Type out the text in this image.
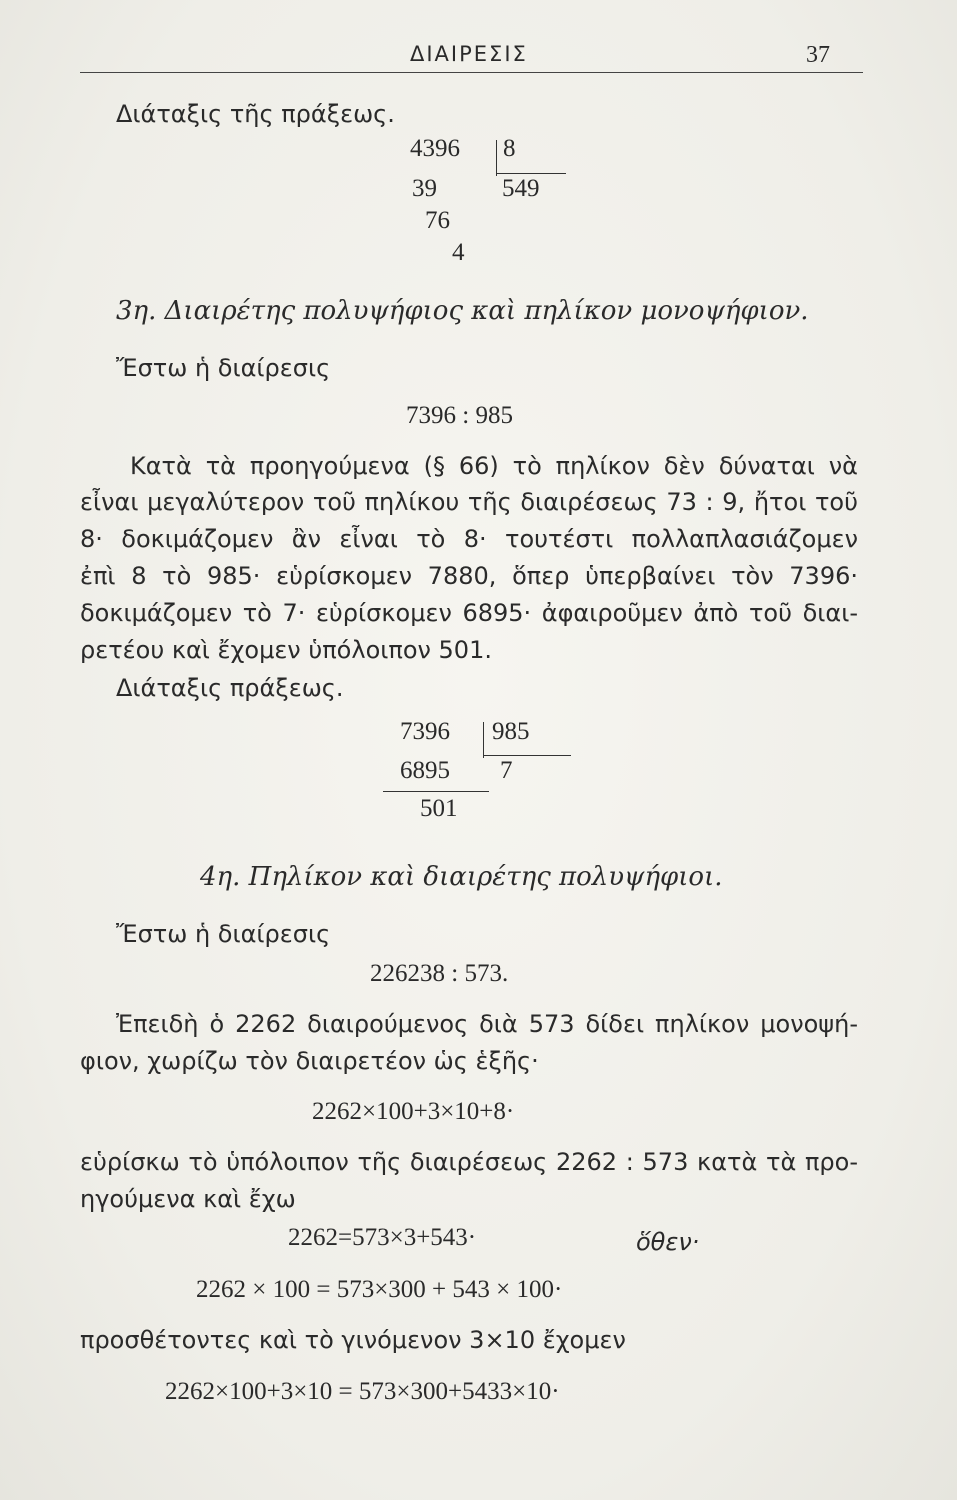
ΔΙΑΙΡΕΣΙΣ	37
Διάταξις τῆς πράξεως.
4396 8
39	549
76
4
3η. Διαιρέτης πολυψήφιος καὶ πηλίκον μονοψήφιον.
Ἔστω ἡ διαίρεσις
7396 : 985
Κατὰ τὰ προηγούμενα (§ 66) τὸ πηλίκον δὲν δύναται νὰ
εἶναι μεγαλύτερον τοῦ πηλίκου τῆς διαιρέσεως 73 : 9, ἤτοι τοῦ
8· δοκιμάζομεν ἂν εἶναι τὸ 8· τουτέστι πολλαπλασιάζομεν
ἐπὶ 8 τὸ 985· εὑρίσκομεν 7880, ὅπερ ὑπερβαίνει τὸν 7396·
δοκιμάζομεν τὸ 7· εὑρίσκομεν 6895· ἀφαιροῦμεν ἀπὸ τοῦ διαι-
ρετέου καὶ ἔχομεν ὑπόλοιπον 501.
Διάταξις πράξεως.
7396 985
6895 7
501
4η. Πηλίκον καὶ διαιρέτης πολυψήφιοι.
Ἔστω ἡ διαίρεσις
226238 : 573.
Ἐπειδὴ ὁ 2262 διαιρούμενος διὰ 573 δίδει πηλίκον μονοψή-
φιον, χωρίζω τὸν διαιρετέον ὡς ἑξῆς·
2262×100+3×10+8·
εὑρίσκω τὸ ὑπόλοιπον τῆς διαιρέσεως 2262 : 573 κατὰ τὰ προ-
ηγούμενα καὶ ἔχω
2262=573×3+543·	ὅθεν·
2262 × 100 = 573×300 + 543 × 100·
προσθέτοντες καὶ τὸ γινόμενον 3×10 ἔχομεν
2262×100+3×10 = 573×300+5433×10·
